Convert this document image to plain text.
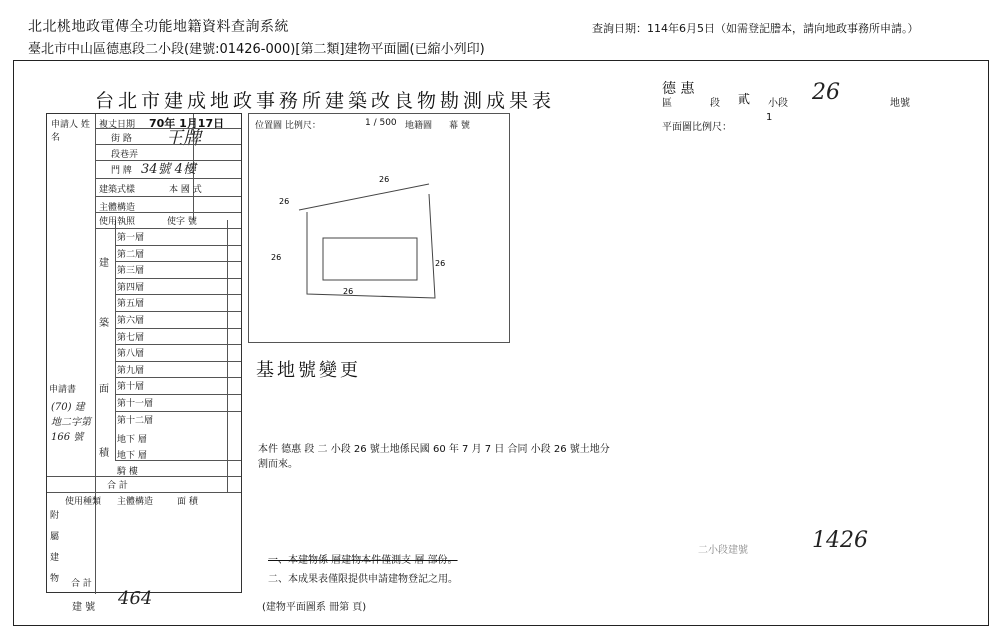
北北桃地政電傳全功能地籍資料查詢系統
臺北市中山區德惠段二小段(建號:01426-000)[第二類]建物平面圖(已縮小列印)
查詢日期：114年6月5日（如需登記謄本，請向地政事務所申請。）
台北市建成地政事務所建築改良物勘測成果表
德 惠
區	段 貳 小段 26	地號
申請人 姓 名
複丈日期 70年 1月17日
街 路 王牌
段巷弄
門 牌 34號 4樓
建築式樣	本 國 式
主體構造
使用執照	使字 號
建
築
面
積
第一層
第二層
第三層
第四層
第五層
第六層
第七層
第八層
第九層
第十層
第十一層
第十二層
地下 層
地下 層
騎 樓
合 計
使用種類 主體構造	面 積
附 屬 建 物	合 計
申請書
(70) 建地二字第 166 號
位置圖 比例尺：	1 / 500 地籍圖 幕 號
26
26
26
26
26
平面圖比例尺：
1
基地號變更
本件 德惠 段 二 小段 26 號土地係民國 60 年 7 月 7 日 合同 小段 26 號土地分割而來。
一、本建物係 層建物本件僅測支 層 部份。
二、本成果表僅限提供申請建物登記之用。
二小段建號	1426
建 號 464	(建物平面圖系 冊第 頁)
